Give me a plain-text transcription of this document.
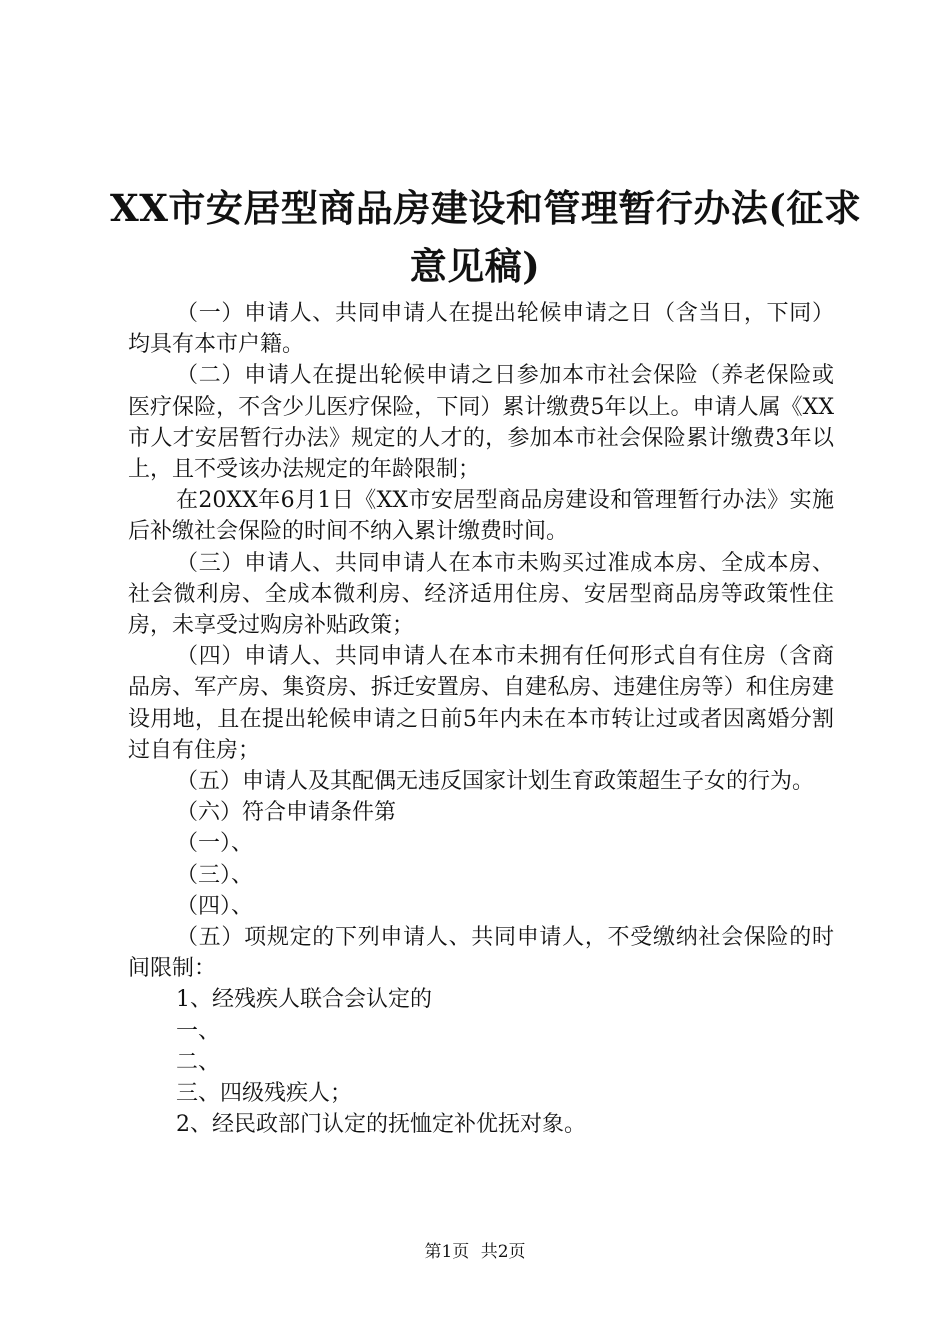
XX市安居型商品房建设和管理暂行办法(征求
意见稿)

（一）申请人、共同申请人在提出轮候申请之日（含当日，下同）均具有本市户籍。

（二）申请人在提出轮候申请之日参加本市社会保险（养老保险或医疗保险，不含少儿医疗保险，下同）累计缴费5年以上。申请人属《XX市人才安居暂行办法》规定的人才的，参加本市社会保险累计缴费3年以上，且不受该办法规定的年龄限制；

在20XX年6月1日《XX市安居型商品房建设和管理暂行办法》实施后补缴社会保险的时间不纳入累计缴费时间。

（三）申请人、共同申请人在本市未购买过准成本房、全成本房、社会微利房、全成本微利房、经济适用住房、安居型商品房等政策性住房，未享受过购房补贴政策；

（四）申请人、共同申请人在本市未拥有任何形式自有住房（含商品房、军产房、集资房、拆迁安置房、自建私房、违建住房等）和住房建设用地，且在提出轮候申请之日前5年内未在本市转让过或者因离婚分割过自有住房；

（五）申请人及其配偶无违反国家计划生育政策超生子女的行为。

（六）符合申请条件第

（一）、

（三）、

（四）、

（五）项规定的下列申请人、共同申请人，不受缴纳社会保险的时间限制：

1、经残疾人联合会认定的

一、

二、

三、四级残疾人；

2、经民政部门认定的抚恤定补优抚对象。

第1页 共2页
